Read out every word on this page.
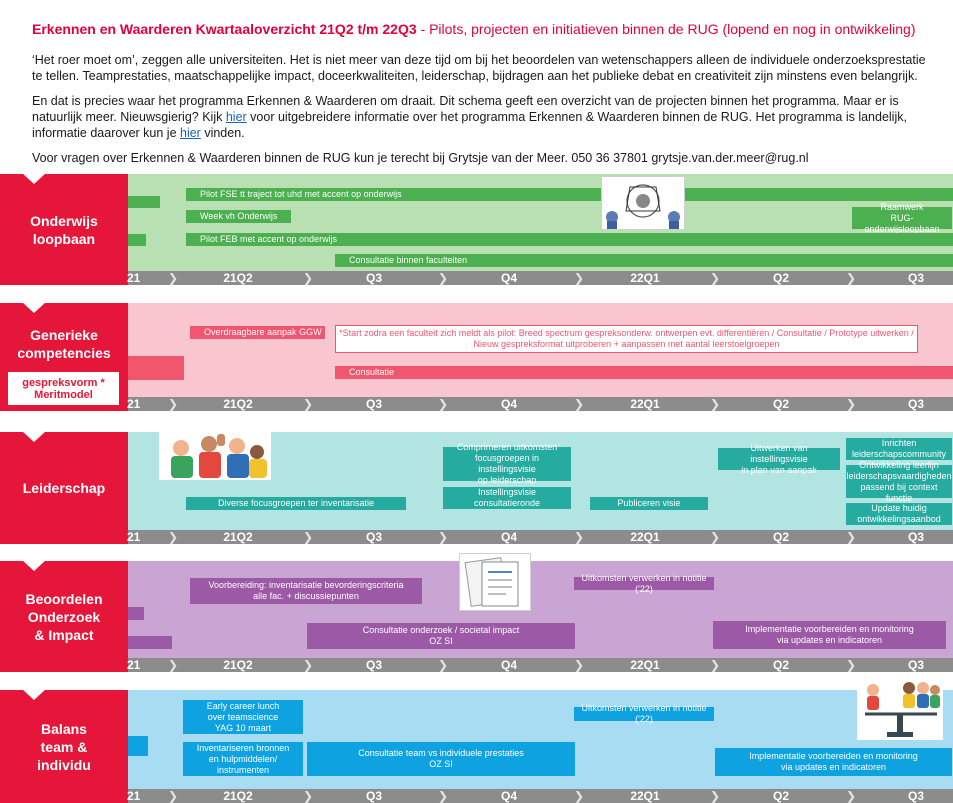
Erkennen en Waarderen Kwartaaloverzicht 21Q2 t/m 22Q3 - Pilots, projecten en initiatieven binnen de RUG (lopend en nog in ontwikkeling)

‘Het roer moet om’, zeggen alle universiteiten. Het is niet meer van deze tijd om bij het beoordelen van wetenschappers alleen de individuele onderzoeksprestatie te tellen. Teamprestaties, maatschappelijke impact, doceerkwaliteiten, leiderschap, bijdragen aan het publieke debat en creativiteit zijn minstens even belangrijk.

En dat is precies waar het programma Erkennen & Waarderen om draait. Dit schema geeft een overzicht van de projecten binnen het programma. Maar er is natuurlijk meer. Nieuwsgierig? Kijk hier voor uitgebreidere informatie over het programma Erkennen & Waarderen binnen de RUG. Het programma is landelijk, informatie daarover kun je hier vinden.

Voor vragen over Erkennen & Waarderen binnen de RUG kun je terecht bij Grytsje van der Meer. 050 36 37801 grytsje.van.der.meer@rug.nl

Onderwijs
loopbaan
Pilot FSE tt traject tot uhd met accent op onderwijs
Week vh Onderwijs
Raamwerk
RUG-onderwijsloopbaan
Pilot FEB met accent op onderwijs
Consultatie binnen faculteiten
21	21Q2	Q3	Q4	22Q1	Q2	Q3
❯	❯	❯	❯	❯	❯
Generieke
competencies
gespreksvorm * Meritmodel
Overdraagbare aanpak GGW	*Start zodra een faculteit zich meldt als pilot: Breed spectrum gespreksonderw. ontwerpen evt. differentiëren / Consultatie / Prototype uitwerken /
Nieuw gespreksformat uitproberen + aanpassen met aantal leerstoelgroepen
Consultatie
21	21Q2	Q3	Q4	22Q1	Q2	Q3
❯	❯	❯	❯	❯	❯
Leiderschap
Diverse focusgroepen ter inventarisatie
Comprimeren uitkomsten
focusgroepen in instellingsvisie
op leiderschap
Instellingsvisie
consultatieronde	Publiceren visie
Uitwerken van instellingsvisie
in plan van aanpak
Inrichten
leiderschapscommunity
Ontwikkeling leerlijn
leiderschapsvaardigheden
passend bij context functie
Update huidig
ontwikkelingsaanbod
21	21Q2	Q3	Q4	22Q1	Q2	Q3
❯	❯	❯	❯	❯	❯
Beoordelen
Onderzoek
& Impact
Voorbereiding: inventarisatie bevorderingscriteria
alle fac. + discussiepunten
Uitkomsten verwerken in notitie ('22)
Consultatie onderzoek / societal impact
OZ SI
Implementatie voorbereiden en monitoring
via updates en indicatoren
21	21Q2	Q3	Q4	22Q1	Q2	Q3
❯	❯	❯	❯	❯	❯
Balans
team &
individu
Early career lunch
over teamscience
YAG 10 maart
Uitkomsten verwerken in notitie ('22)
Inventariseren bronnen
en hulpmiddelen/
instrumenten
Consultatie team vs individuele prestaties
OZ SI
Implementatie voorbereiden en monitoring
via updates en indicatoren
21	21Q2	Q3	Q4	22Q1	Q2	Q3
❯	❯	❯	❯	❯	❯
